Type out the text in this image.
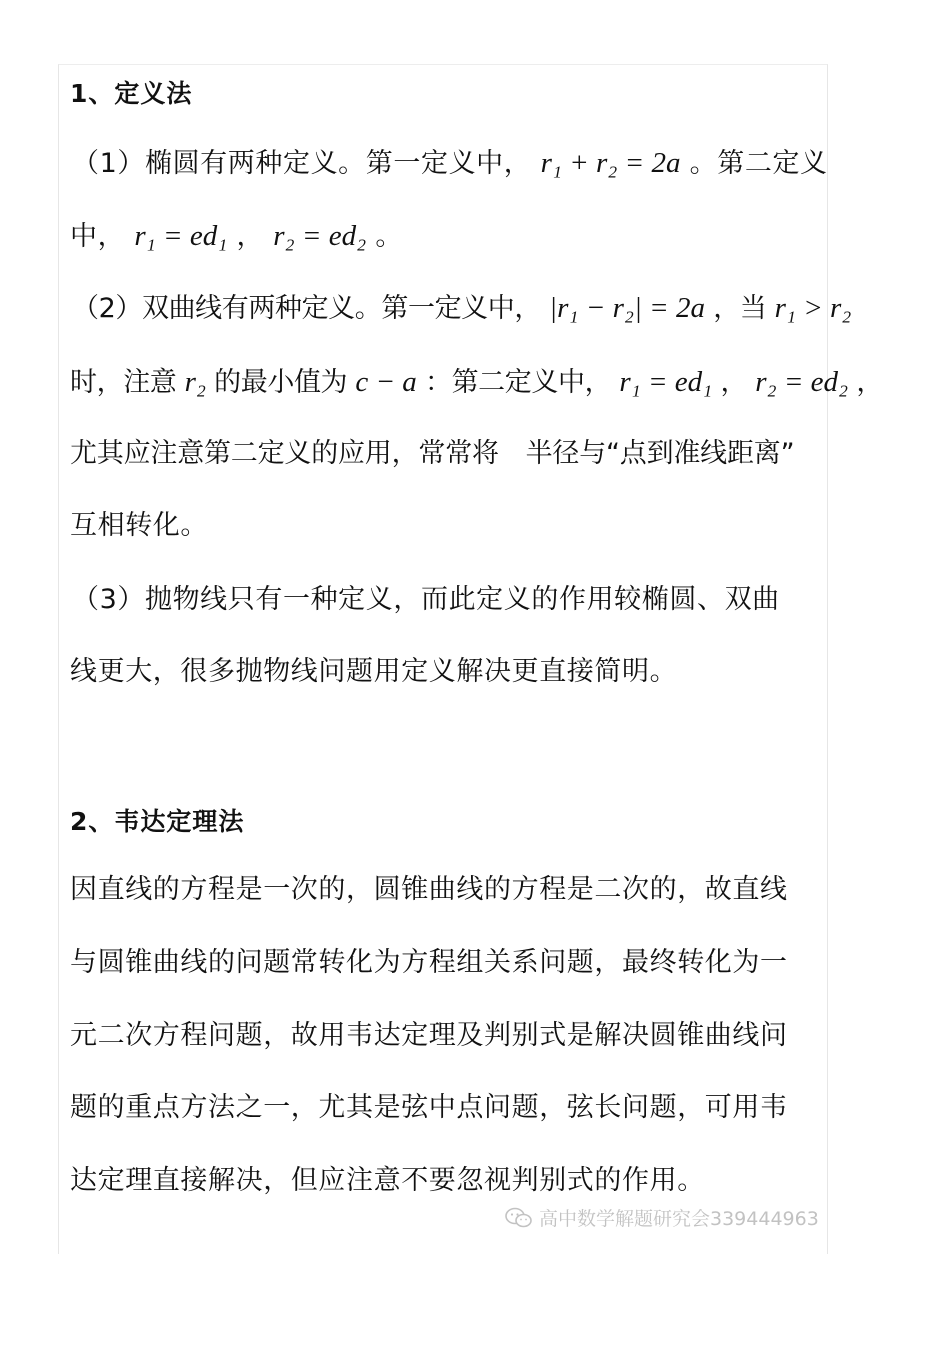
1、定义法
（1）椭圆有两种定义。第一定义中， r₁ + r₂ = 2a 。第二定义
中， r₁ = ed₁ ， r₂ = ed₂ 。
（2）双曲线有两种定义。第一定义中， |r₁ − r₂| = 2a ，当 r₁ > r₂
时，注意 r₂ 的最小值为 c − a ：第二定义中， r₁ = ed₁ ， r₂ = ed₂ ，
尤其应注意第二定义的应用，常常将　半径与“点到准线距离”
互相转化。
（3）抛物线只有一种定义，而此定义的作用较椭圆、双曲
线更大，很多抛物线问题用定义解决更直接简明。
2、韦达定理法
因直线的方程是一次的，圆锥曲线的方程是二次的，故直线
与圆锥曲线的问题常转化为方程组关系问题，最终转化为一
元二次方程问题，故用韦达定理及判别式是解决圆锥曲线问
题的重点方法之一，尤其是弦中点问题，弦长问题，可用韦
达定理直接解决，但应注意不要忽视判别式的作用。
高中数学解题研究会339444963
